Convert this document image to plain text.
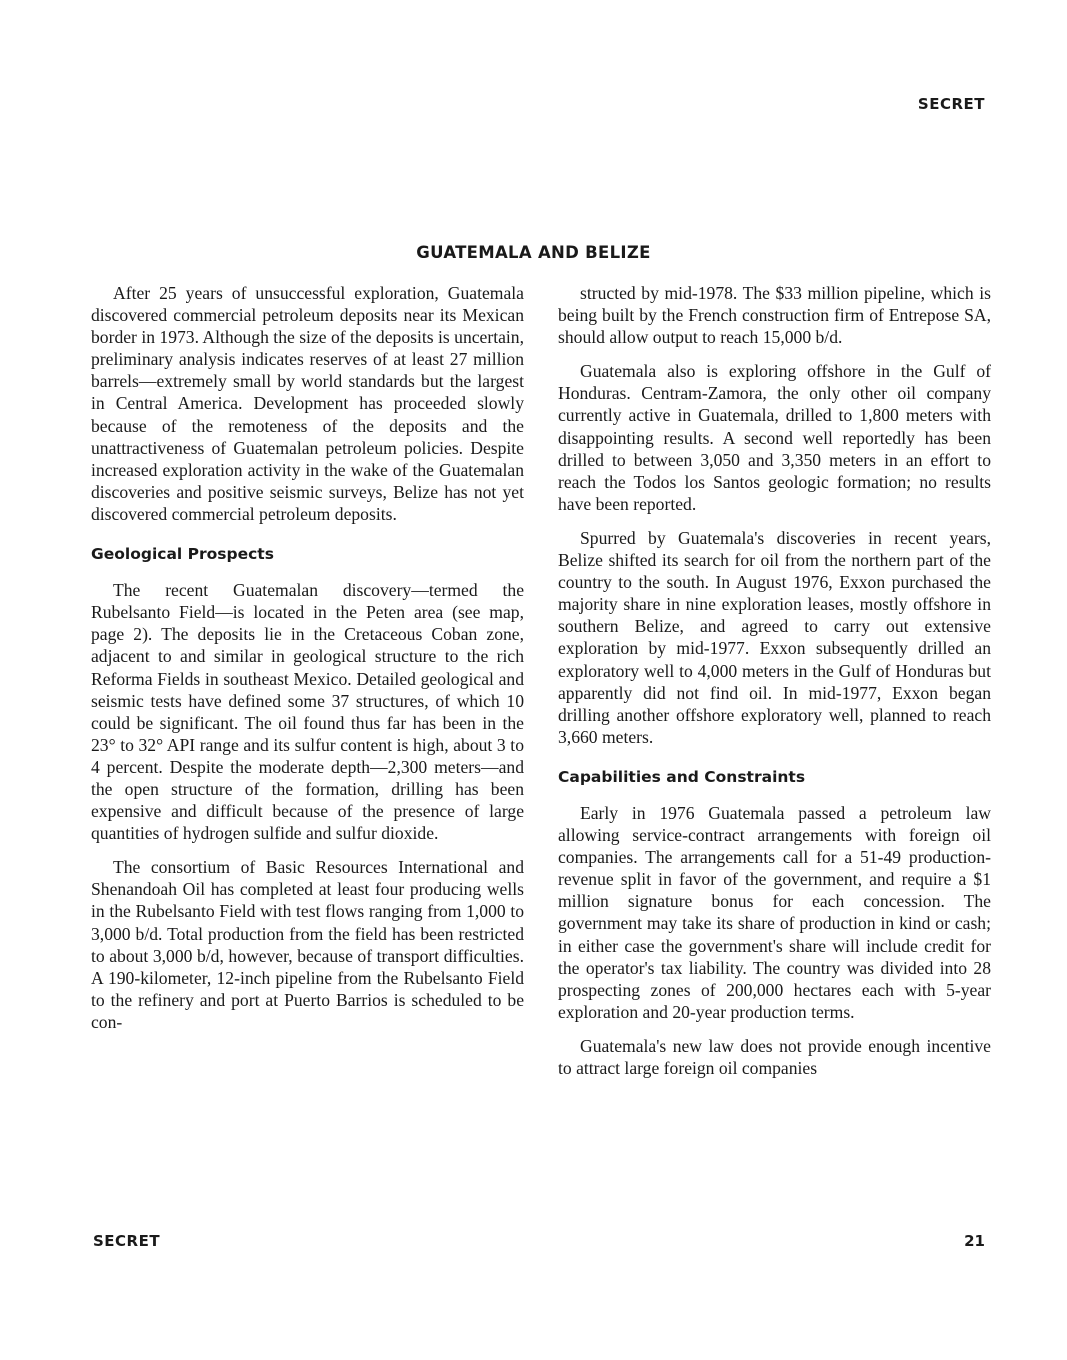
SECRET
GUATEMALA AND BELIZE

After 25 years of unsuccessful exploration, Guatemala discovered commercial petroleum deposits near its Mexican border in 1973. Although the size of the deposits is uncertain, preliminary analysis indicates reserves of at least 27 million barrels—extremely small by world standards but the largest in Central America. Development has proceeded slowly because of the remoteness of the deposits and the unattractiveness of Guatemalan petroleum policies. Despite increased exploration activity in the wake of the Guatemalan discoveries and positive seismic surveys, Belize has not yet discovered commercial petroleum deposits.

Geological Prospects

The recent Guatemalan discovery—termed the Rubelsanto Field—is located in the Peten area (see map, page 2). The deposits lie in the Cretaceous Coban zone, adjacent to and similar in geological structure to the rich Reforma Fields in southeast Mexico. Detailed geological and seismic tests have defined some 37 structures, of which 10 could be significant. The oil found thus far has been in the 23° to 32° API range and its sulfur content is high, about 3 to 4 percent. Despite the moderate depth—2,300 meters—and the open structure of the formation, drilling has been expensive and difficult because of the presence of large quantities of hydrogen sulfide and sulfur dioxide.

The consortium of Basic Resources International and Shenandoah Oil has completed at least four producing wells in the Rubelsanto Field with test flows ranging from 1,000 to 3,000 b/d. Total production from the field has been restricted to about 3,000 b/d, however, because of transport difficulties. A 190-kilometer, 12-inch pipeline from the Rubelsanto Field to the refinery and port at Puerto Barrios is scheduled to be con-

structed by mid-1978. The $33 million pipeline, which is being built by the French construction firm of Entrepose SA, should allow output to reach 15,000 b/d.

Guatemala also is exploring offshore in the Gulf of Honduras. Centram-Zamora, the only other oil company currently active in Guatemala, drilled to 1,800 meters with disappointing results. A second well reportedly has been drilled to between 3,050 and 3,350 meters in an effort to reach the Todos los Santos geologic formation; no results have been reported.

Spurred by Guatemala's discoveries in recent years, Belize shifted its search for oil from the northern part of the country to the south. In August 1976, Exxon purchased the majority share in nine exploration leases, mostly offshore in southern Belize, and agreed to carry out extensive exploration by mid-1977. Exxon subsequently drilled an exploratory well to 4,000 meters in the Gulf of Honduras but apparently did not find oil. In mid-1977, Exxon began drilling another offshore exploratory well, planned to reach 3,660 meters.

Capabilities and Constraints

Early in 1976 Guatemala passed a petroleum law allowing service-contract arrangements with foreign oil companies. The arrangements call for a 51-49 production-revenue split in favor of the government, and require a $1 million signature bonus for each concession. The government may take its share of production in kind or cash; in either case the government's share will include credit for the operator's tax liability. The country was divided into 28 prospecting zones of 200,000 hectares each with 5-year exploration and 20-year production terms.

Guatemala's new law does not provide enough incentive to attract large foreign oil companies

SECRET	21
